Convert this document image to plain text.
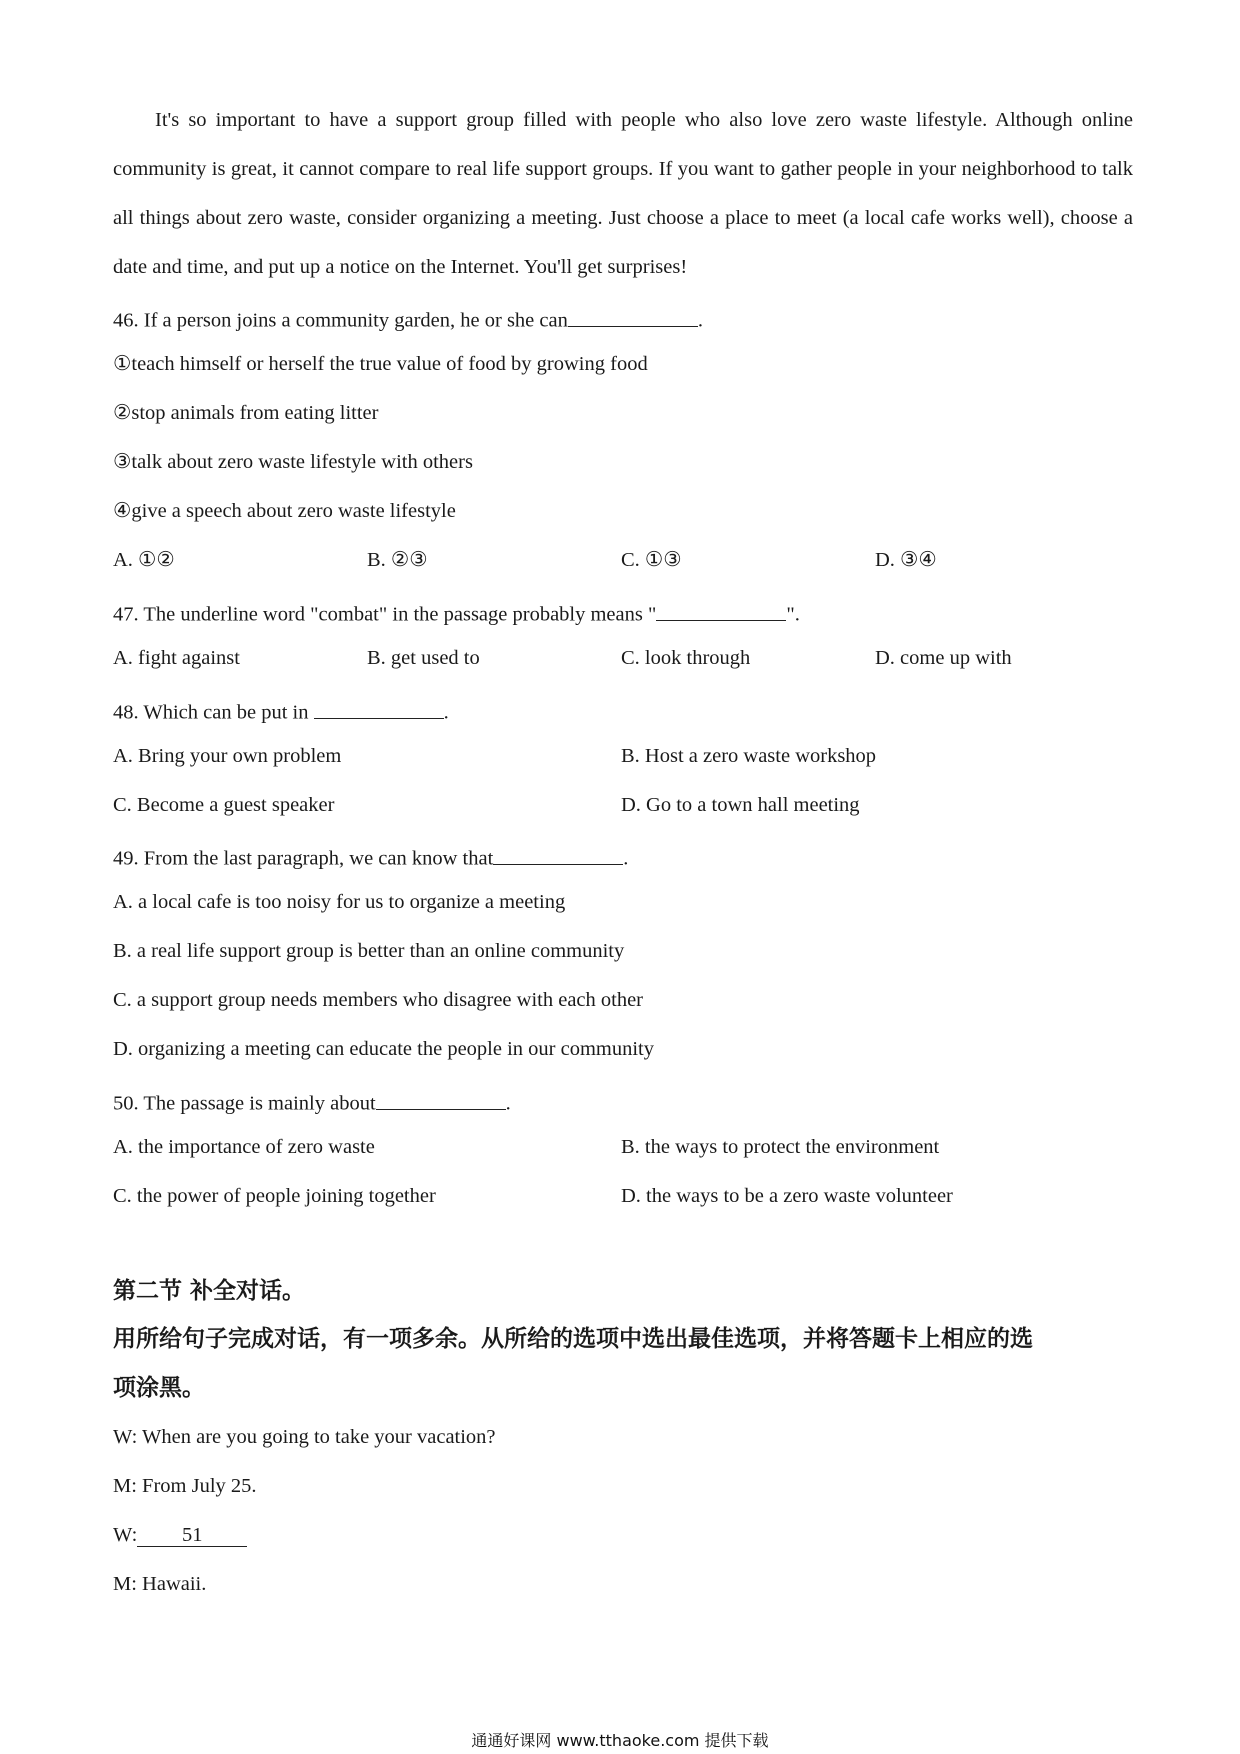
It's so important to have a support group filled with people who also love zero waste lifestyle. Although online community is great, it cannot compare to real life support groups. If you want to gather people in your neighborhood to talk all things about zero waste, consider organizing a meeting. Just choose a place to meet (a local cafe works well), choose a date and time, and put up a notice on the Internet. You'll get surprises!
46. If a person joins a community garden, he or she can	.
①teach himself or herself the true value of food by growing food
②stop animals from eating litter
③talk about zero waste lifestyle with others
④give a speech about zero waste lifestyle
A. ①②	B. ②③	C. ①③	D. ③④
47. The underline word "combat" in the passage probably means "	".
A. fight against	B. get used to	C. look through	D. come up with
48. Which can be put in	.
A. Bring your own problem	B. Host a zero waste workshop
C. Become a guest speaker	D. Go to a town hall meeting
49. From the last paragraph, we can know that	.
A. a local cafe is too noisy for us to organize a meeting
B. a real life support group is better than an online community
C. a support group needs members who disagree with each other
D. organizing a meeting can educate the people in our community
50. The passage is mainly about	.
A. the importance of zero waste	B. the ways to protect the environment
C. the power of people joining together	D. the ways to be a zero waste volunteer
第二节 补全对话。
用所给句子完成对话，有一项多余。从所给的选项中选出最佳选项，并将答题卡上相应的选
项涂黑。
W: When are you going to take your vacation?
M: From July 25.
W: 51
M: Hawaii.
通通好课网 www.tthaoke.com 提供下载
